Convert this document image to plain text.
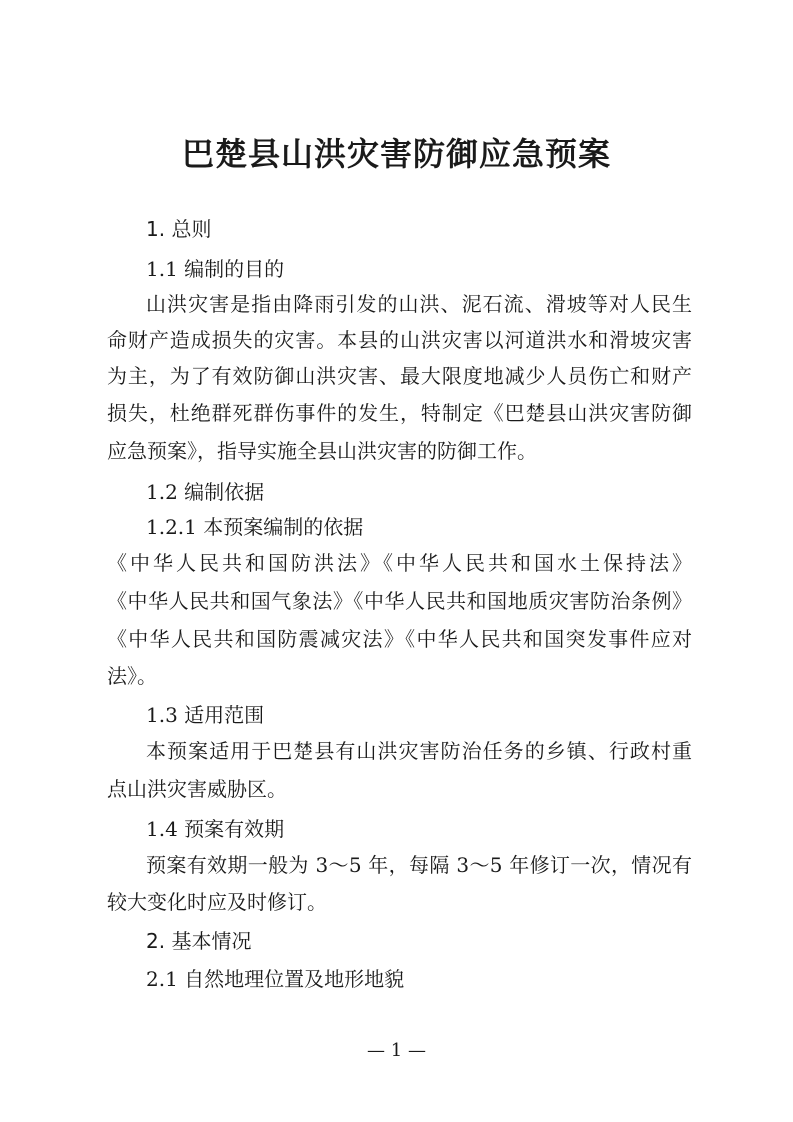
巴楚县山洪灾害防御应急预案
1. 总则
1.1 编制的目的
山洪灾害是指由降雨引发的山洪、泥石流、滑坡等对人民生
命财产造成损失的灾害。本县的山洪灾害以河道洪水和滑坡灾害
为主，为了有效防御山洪灾害、最大限度地减少人员伤亡和财产
损失，杜绝群死群伤事件的发生，特制定《巴楚县山洪灾害防御
应急预案》，指导实施全县山洪灾害的防御工作。
1.2 编制依据
1.2.1 本预案编制的依据
《中华人民共和国防洪法》《中华人民共和国水土保持法》
《中华人民共和国气象法》《中华人民共和国地质灾害防治条例》
《中华人民共和国防震减灾法》《中华人民共和国突发事件应对
法》。
1.3 适用范围
本预案适用于巴楚县有山洪灾害防治任务的乡镇、行政村重
点山洪灾害威胁区。
1.4 预案有效期
预案有效期一般为 3～5 年，每隔 3～5 年修订一次，情况有
较大变化时应及时修订。
2. 基本情况
2.1 自然地理位置及地形地貌
— 1 —
